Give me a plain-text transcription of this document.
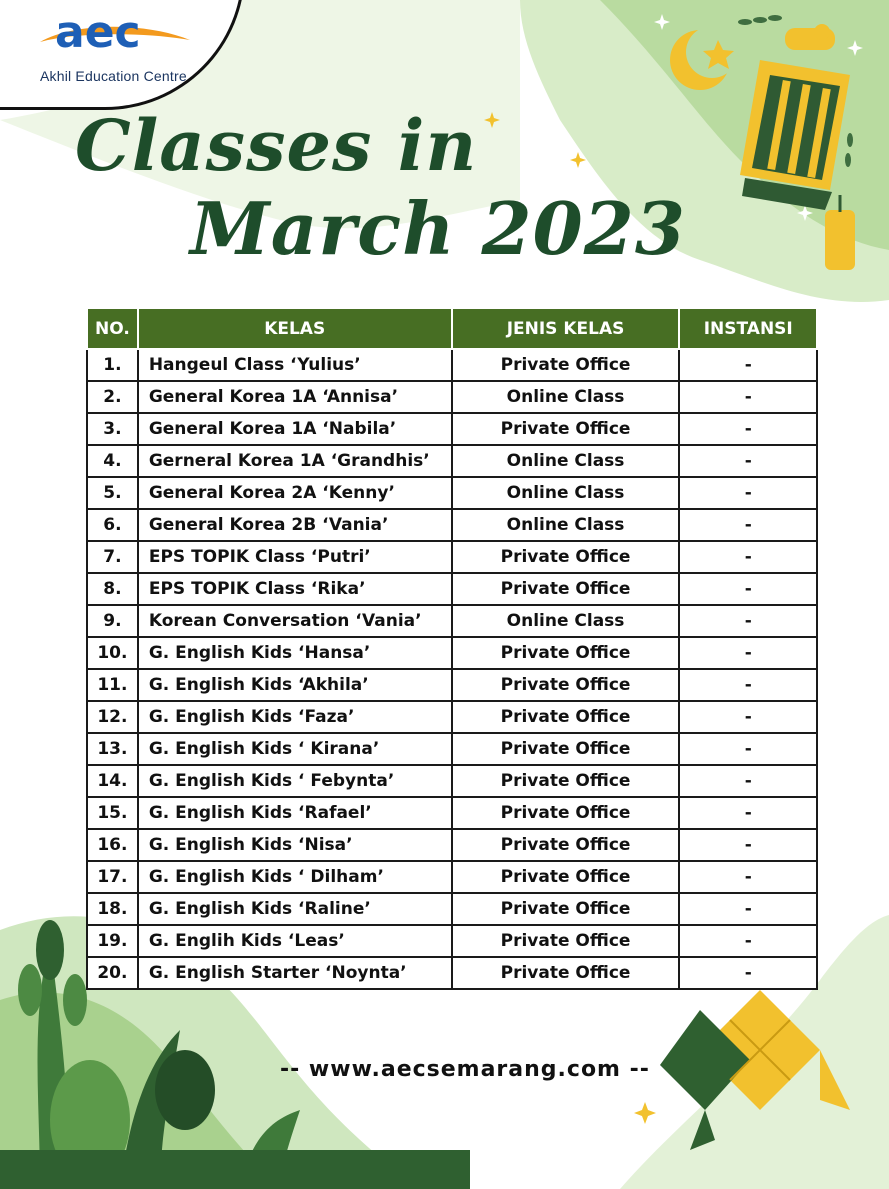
aec
Akhil Education Centre
Classes in
March 2023
NO.	KELAS	JENIS KELAS	INSTANSI
1.	Hangeul Class ‘Yulius’	Private Office	-
2.	General Korea 1A ‘Annisa’	Online Class	-
3.	General Korea 1A ‘Nabila’	Private Office	-
4.	Gerneral Korea 1A ‘Grandhis’	Online Class	-
5.	General Korea 2A ‘Kenny’	Online Class	-
6.	General Korea 2B ‘Vania’	Online Class	-
7.	EPS TOPIK Class ‘Putri’	Private Office	-
8.	EPS TOPIK Class ‘Rika’	Private Office	-
9.	Korean Conversation ‘Vania’	Online Class	-
10.	G. English Kids ‘Hansa’	Private Office	-
11.	G. English Kids ‘Akhila’	Private Office	-
12.	G. English Kids ‘Faza’	Private Office	-
13.	G. English Kids ‘ Kirana’	Private Office	-
14.	G. English Kids ‘ Febynta’	Private Office	-
15.	G. English Kids ‘Rafael’	Private Office	-
16.	G. English Kids ‘Nisa’	Private Office	-
17.	G. English Kids ‘ Dilham’	Private Office	-
18.	G. English Kids ‘Raline’	Private Office	-
19.	G. Englih Kids ‘Leas’	Private Office	-
20.	G. English Starter ‘Noynta’	Private Office	-
-- www.aecsemarang.com --
